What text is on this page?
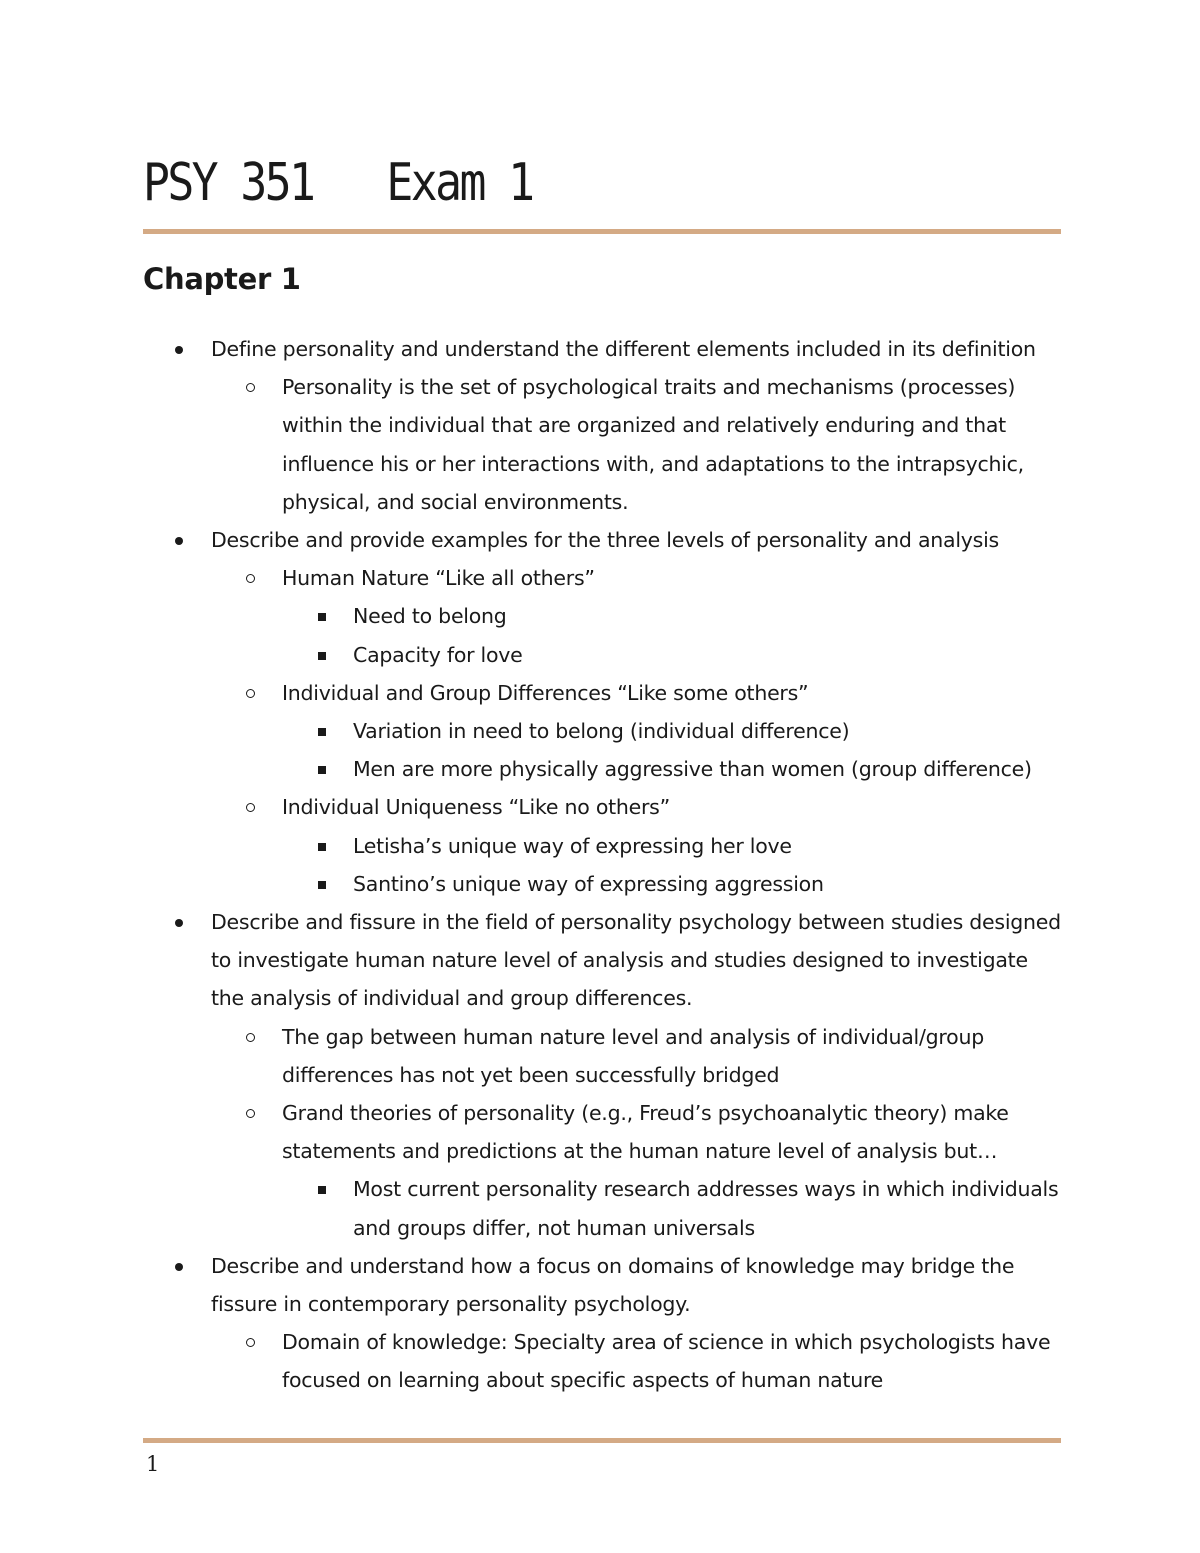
PSY 351   Exam 1
Chapter 1

Define personality and understand the different elements included in its definition

Personality is the set of psychological traits and mechanisms (processes) within the individual that are organized and relatively enduring and that influence his or her interactions with, and adaptations to the intrapsychic, physical, and social environments.

Describe and provide examples for the three levels of personality and analysis

Human Nature “Like all others”

Need to belong

Capacity for love

Individual and Group Differences “Like some others”

Variation in need to belong (individual difference)

Men are more physically aggressive than women (group difference)

Individual Uniqueness “Like no others”

Letisha’s unique way of expressing her love

Santino’s unique way of expressing aggression

Describe and fissure in the field of personality psychology between studies designed to investigate human nature level of analysis and studies designed to investigate the analysis of individual and group differences.

The gap between human nature level and analysis of individual/group differences has not yet been successfully bridged

Grand theories of personality (e.g., Freud’s psychoanalytic theory) make statements and predictions at the human nature level of analysis but…

Most current personality research addresses ways in which individuals and groups differ, not human universals

Describe and understand how a focus on domains of knowledge may bridge the fissure in contemporary personality psychology.

Domain of knowledge: Specialty area of science in which psychologists have focused on learning about specific aspects of human nature

1
